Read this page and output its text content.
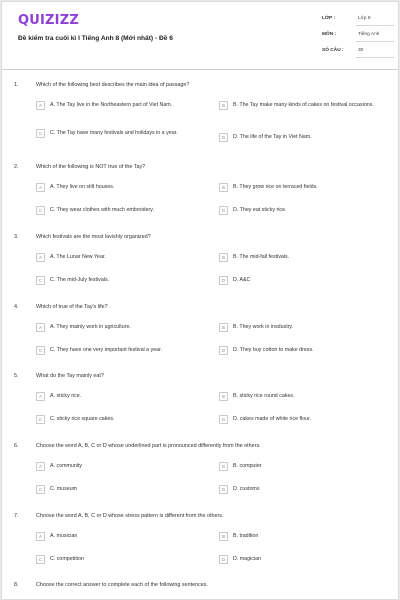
QUIZIZZ
Đề kiểm tra cuối kì I Tiếng Anh 8 (Mới nhất) - Đề 6
LỚP :	Lớp 8
MÔN :	Tiếng Anh
SỐ CÂU :	30
1.	Which of the following best describes the main idea of passage?
A	A. The Tay live in the Northeastern part of Viet Nam.	B	B. The Tay make many kinds of cakes on festival occasions.
C	C. The Tay have many festivals and holidays in a year.
D	D. The life of the Tay in Viet Nam.
2.	Which of the following is NOT true of the Tay?
A	A. They live on stilt houses.	B	B. They grow rice on terraced fields.
C	C. They wear clothes with much embroidery.	D	D. They eat sticky rice.
3.	Which festivals are the most lavishly organized?
A	A. The Lunar New Year.	B	B. The mid-fall festivals.
C	C. The mid-July festivals.	D	D. A&C
4.	Which of true of the Tay's life?
A	A. They mainly work in agriculture.	B	B. They work in insdustry.
C	C. They have one very important festival a year.	D	D. They buy cotton to make dress.
5.	What do the Tay mainly eat?
A	A. sticky rice.	B	B. sticky rice round cakes.
C	C. sticky rice square cakes.	D	D. cakes made of white rice flour.
6.	Choose the word A, B, C or D whose underlined part is pronounced differently from the others.
A	A. community	B	B. computer
C	C. museum	D	D. customs
7.	Choose the word A, B, C or D whose stress pattern is different from the others.
A	A. musician	B	B. tradition
C	C. competition	D	D. magician
8.	Choose the correct answer to complete each of the following sentences.
